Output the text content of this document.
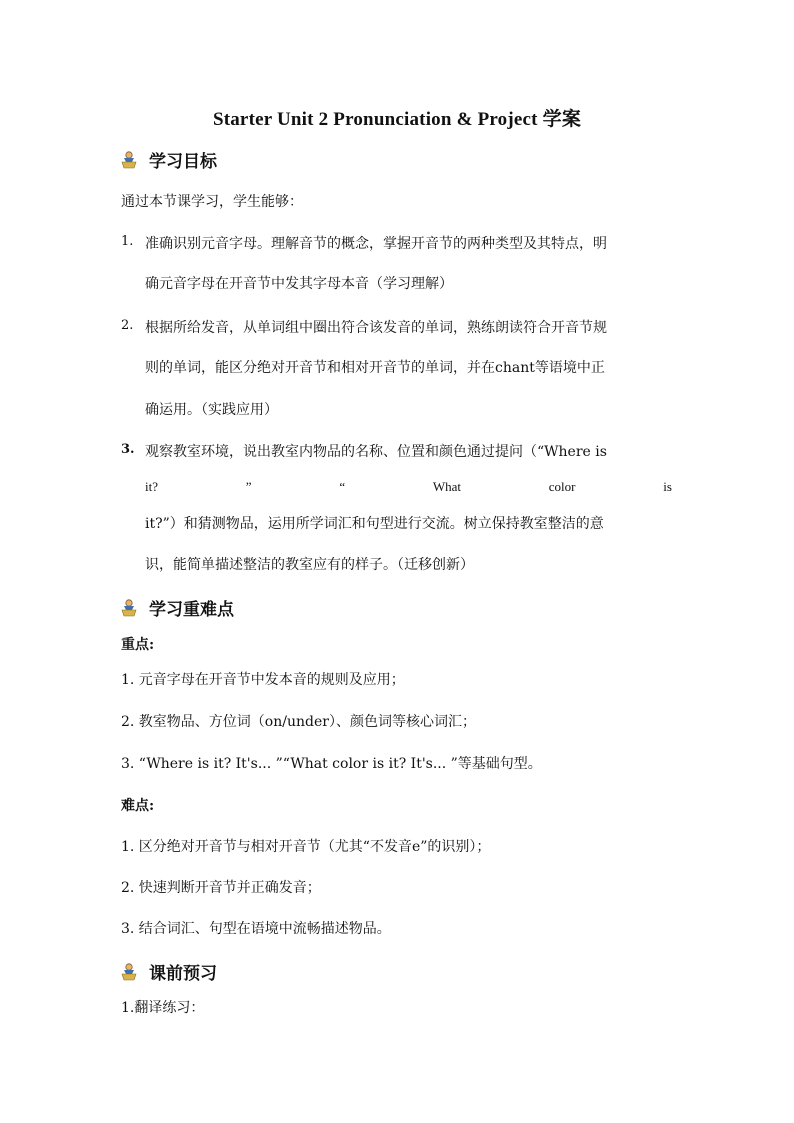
Starter Unit 2 Pronunciation & Project 学案
学习目标
通过本节课学习，学生能够：
1. 准确识别元音字母。理解音节的概念，掌握开音节的两种类型及其特点，明
确元音字母在开音节中发其字母本音（学习理解）
2. 根据所给发音，从单词组中圈出符合该发音的单词，熟练朗读符合开音节规
则的单词，能区分绝对开音节和相对开音节的单词，并在chant等语境中正
确运用。（实践应用）
3. 观察教室环境，说出教室内物品的名称、位置和颜色通过提问（“Where is
it?	”	“	What	color	is
it?”）和猜测物品，运用所学词汇和句型进行交流。树立保持教室整洁的意
识，能简单描述整洁的教室应有的样子。（迁移创新）
学习重难点
重点:
1. 元音字母在开音节中发本音的规则及应用；
2. 教室物品、方位词（on/under）、颜色词等核心词汇；
3. “Where is it? It's... ”“What color is it? It's... ”等基础句型。
难点:
1. 区分绝对开音节与相对开音节（尤其“不发音e”的识别）；
2. 快速判断开音节并正确发音；
3. 结合词汇、句型在语境中流畅描述物品。
课前预习
1.翻译练习：
